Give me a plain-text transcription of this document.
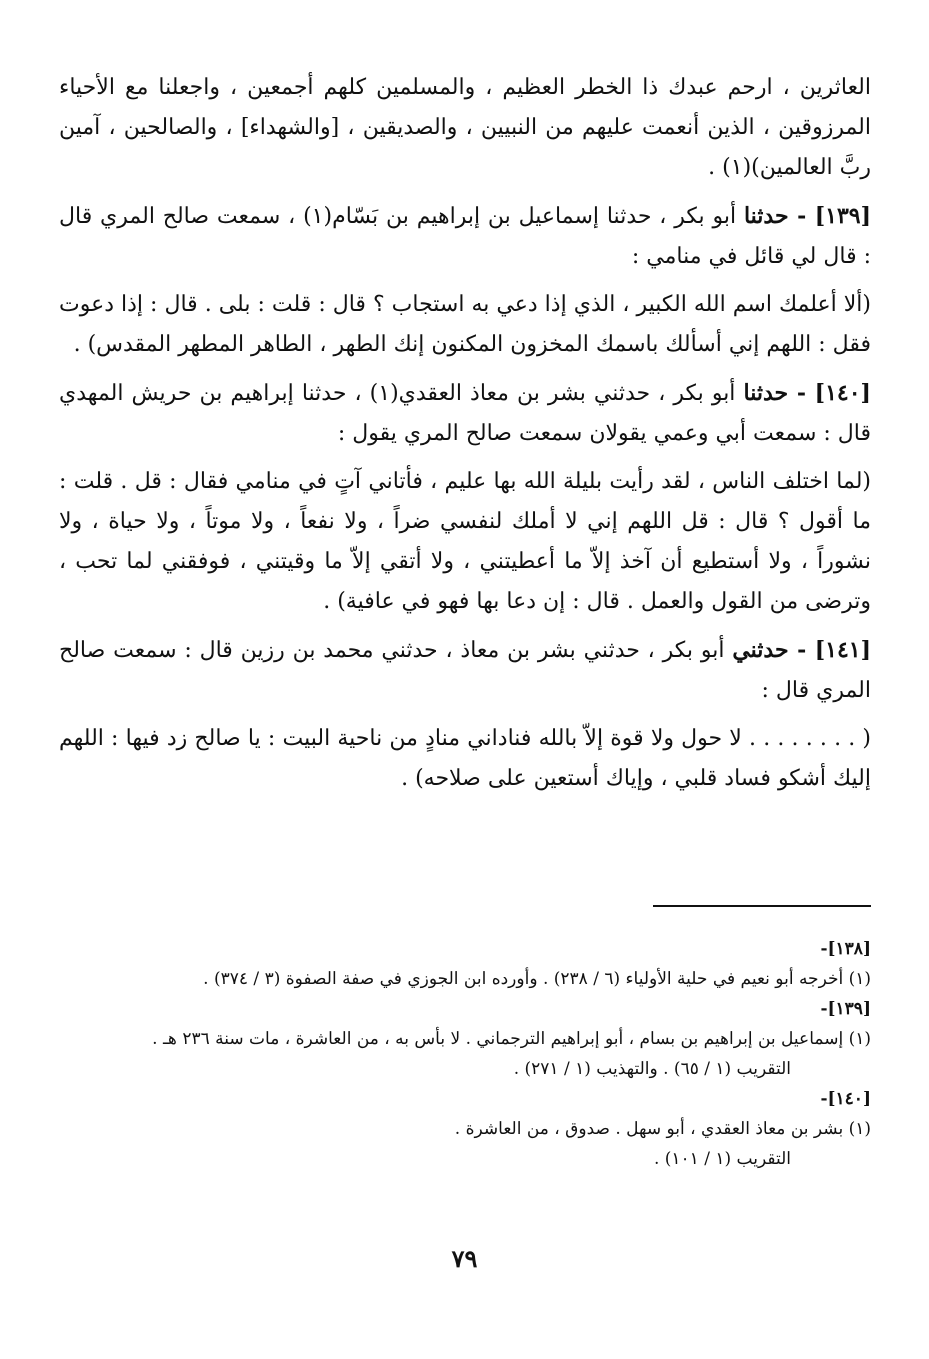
العاثرين ، ارحم عبدك ذا الخطر العظيم ، والمسلمين كلهم أجمعين ، واجعلنا مع الأحياء المرزوقين ، الذين أنعمت عليهم من النبيين ، والصديقين ، [والشهداء] ، والصالحين ، آمين ربَّ العالمين)(١) .

[١٣٩] - حدثنا أبو بكر ، حدثنا إسماعيل بن إبراهيم بن بَسّام(١) ، سمعت صالح المري قال : قال لي قائل في منامي :

(ألا أعلمك اسم الله الكبير ، الذي إذا دعي به استجاب ؟ قال : قلت : بلى . قال : إذا دعوت فقل : اللهم إني أسألك باسمك المخزون المكنون إنك الطهر ، الطاهر المطهر المقدس) .

[١٤٠] - حدثنا أبو بكر ، حدثني بشر بن معاذ العقدي(١) ، حدثنا إبراهيم بن حريش المهدي قال : سمعت أبي وعمي يقولان سمعت صالح المري يقول :

(لما اختلف الناس ، لقد رأيت بليلة الله بها عليم ، فأتاني آتٍ في منامي فقال : قل . قلت : ما أقول ؟ قال : قل اللهم إني لا أملك لنفسي ضراً ، ولا نفعاً ، ولا موتاً ، ولا حياة ، ولا نشوراً ، ولا أستطيع أن آخذ إلاّ ما أعطيتني ، ولا أتقي إلاّ ما وقيتني ، فوفقني لما تحب ، وترضى من القول والعمل . قال : إن دعا بها فهو في عافية) .

[١٤١] - حدثني أبو بكر ، حدثني بشر بن معاذ ، حدثني محمد بن رزين قال : سمعت صالح المري قال :

( . . . . . . . . لا حول ولا قوة إلاّ بالله فناداني منادٍ من ناحية البيت : يا صالح زد فيها : اللهم إليك أشكو فساد قلبي ، وإياك أستعين على صلاحه) .

[١٣٨]-

(١) أخرجه أبو نعيم في حلية الأولياء (٦ / ٢٣٨) . وأورده ابن الجوزي في صفة الصفوة (٣ / ٣٧٤) .

[١٣٩]-

(١) إسماعيل بن إبراهيم بن بسام ، أبو إبراهيم الترجماني . لا بأس به ، من العاشرة ، مات سنة ٢٣٦ هـ .

التقريب (١ / ٦٥) . والتهذيب (١ / ٢٧١) .

[١٤٠]-

(١) بشر بن معاذ العقدي ، أبو سهل . صدوق ، من العاشرة .

التقريب (١ / ١٠١) .

٧٩
